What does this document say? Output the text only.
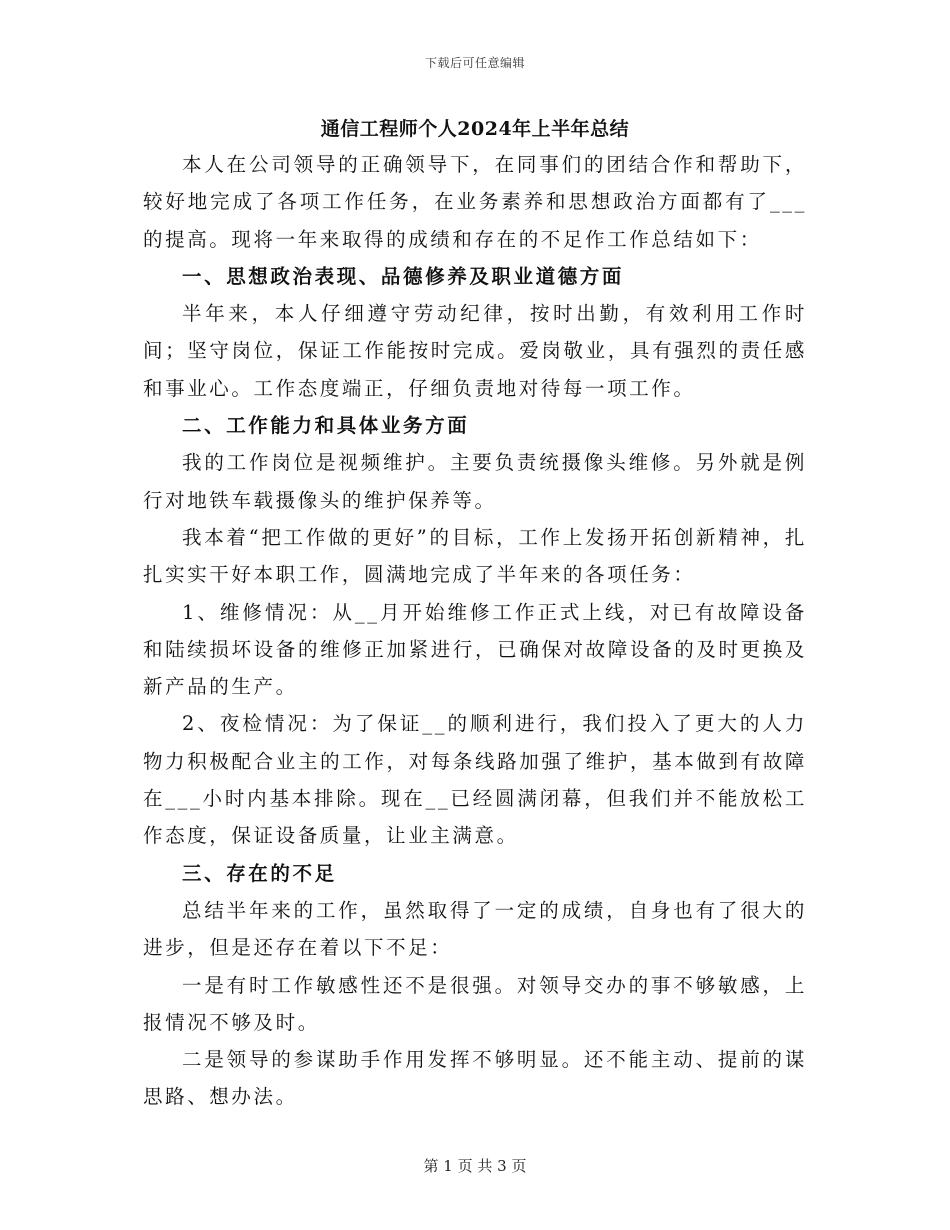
下载后可任意编辑
通信工程师个人2024年上半年总结

本人在公司领导的正确领导下，在同事们的团结合作和帮助下，较好地完成了各项工作任务，在业务素养和思想政治方面都有了___的提高。现将一年来取得的成绩和存在的不足作工作总结如下：

一、思想政治表现、品德修养及职业道德方面

半年来，本人仔细遵守劳动纪律，按时出勤，有效利用工作时间；坚守岗位，保证工作能按时完成。爱岗敬业，具有强烈的责任感和事业心。工作态度端正，仔细负责地对待每一项工作。

二、工作能力和具体业务方面

我的工作岗位是视频维护。主要负责统摄像头维修。另外就是例行对地铁车载摄像头的维护保养等。

我本着“把工作做的更好”的目标，工作上发扬开拓创新精神，扎扎实实干好本职工作，圆满地完成了半年来的各项任务：

1、维修情况：从__月开始维修工作正式上线，对已有故障设备和陆续损坏设备的维修正加紧进行，已确保对故障设备的及时更换及新产品的生产。

2、夜检情况：为了保证__的顺利进行，我们投入了更大的人力物力积极配合业主的工作，对每条线路加强了维护，基本做到有故障在___小时内基本排除。现在__已经圆满闭幕，但我们并不能放松工作态度，保证设备质量，让业主满意。

三、存在的不足

总结半年来的工作，虽然取得了一定的成绩，自身也有了很大的进步，但是还存在着以下不足：

一是有时工作敏感性还不是很强。对领导交办的事不够敏感，上报情况不够及时。

二是领导的参谋助手作用发挥不够明显。还不能主动、提前的谋思路、想办法。

第 1 页 共 3 页
